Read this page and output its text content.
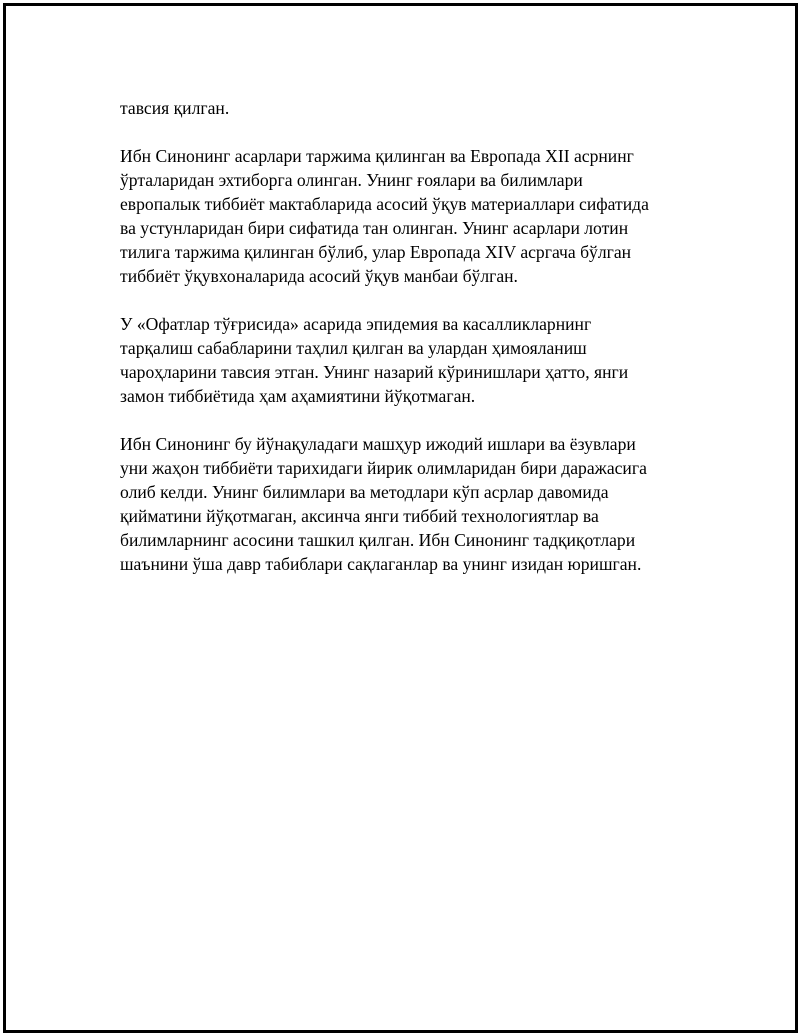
тавсия қилган.

Ибн Синонинг асарлари таржима қилинган ва Европада XII асрнинг
ўрталаридан эхтиборга олинган. Унинг ғоялари ва билимлари
европалык тиббиёт мактабларида асосий ўқув материаллари сифатида
ва устунларидан бири сифатида тан олинган. Унинг асарлари лотин
тилига таржима қилинган бўлиб, улар Европада XIV асргача бўлган
тиббиёт ўқувхоналарида асосий ўқув манбаи бўлган.

У «Офатлар тўғрисида» асарида эпидемия ва касалликларнинг
тарқалиш сабабларини таҳлил қилган ва улардан ҳимояланиш
чароҳларини тавсия этган. Унинг назарий кўринишлари ҳатто, янги
замон тиббиётида ҳам аҳамиятини йўқотмаган.

Ибн Синонинг бу йўнақуладаги машҳур ижодий ишлари ва ёзувлари
уни жаҳон тиббиёти тарихидаги йирик олимларидан бири даражасига
олиб келди. Унинг билимлари ва методлари кўп асрлар давомида
қийматини йўқотмаган, аксинча янги тиббий технологиятлар ва
билимларнинг асосини ташкил қилган. Ибн Синонинг тадқиқотлари
шаънини ўша давр табиблари сақлаганлар ва унинг изидан юришган.
